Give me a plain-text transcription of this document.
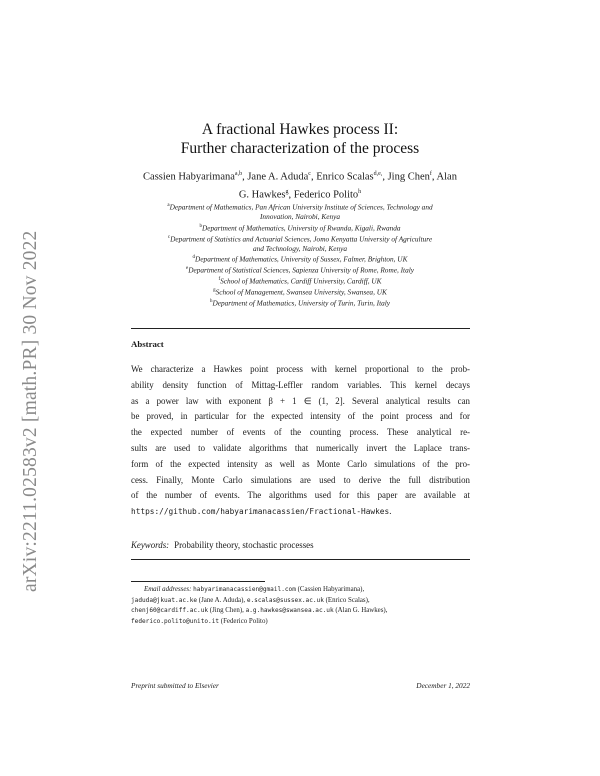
arXiv:2211.02583v2 [math.PR] 30 Nov 2022
A fractional Hawkes process II:
Further characterization of the process
Cassien Habyarimana$^{a,b}$, Jane A. Aduda$^c$, Enrico Scalas$^{d,e,}$, Jing Chen$^f$, Alan
G. Hawkes$^g$, Federico Polito$^h$
$^a$Department of Mathematics, Pan African University Institute of Sciences, Technology and
Innovation, Nairobi, Kenya
$^b$Department of Mathematics, University of Rwanda, Kigali, Rwanda
$^c$Department of Statistics and Actuarial Sciences, Jomo Kenyatta University of Agriculture
and Technology, Nairobi, Kenya
$^d$Department of Mathematics, University of Sussex, Falmer, Brighton, UK
$^e$Department of Statistical Sciences, Sapienza University of Rome, Rome, Italy
$^f$School of Mathematics, Cardiff University, Cardiff, UK
$^g$School of Management, Swansea University, Swansea, UK
$^h$Department of Mathematics, University of Turin, Turin, Italy
Abstract
We characterize a Hawkes point process with kernel proportional to the prob-
ability density function of Mittag-Leffler random variables. This kernel decays
as a power law with exponent β + 1 ∈ (1, 2]. Several analytical results can
be proved, in particular for the expected intensity of the point process and for
the expected number of events of the counting process. These analytical re-
sults are used to validate algorithms that numerically invert the Laplace trans-
form of the expected intensity as well as Monte Carlo simulations of the pro-
cess. Finally, Monte Carlo simulations are used to derive the full distribution
of the number of events. The algorithms used for this paper are available at
https://github.com/habyarimanacassien/Fractional-Hawkes.
Keywords: Probability theory, stochastic processes
Email addresses: habyarimanacassien@gmail.com (Cassien Habyarimana),
jaduda@jkuat.ac.ke (Jane A. Aduda), e.scalas@sussex.ac.uk (Enrico Scalas),
chenj60@cardiff.ac.uk (Jing Chen), a.g.hawkes@swansea.ac.uk (Alan G. Hawkes),
federico.polito@unito.it (Federico Polito)
Preprint submitted to Elsevier	December 1, 2022
